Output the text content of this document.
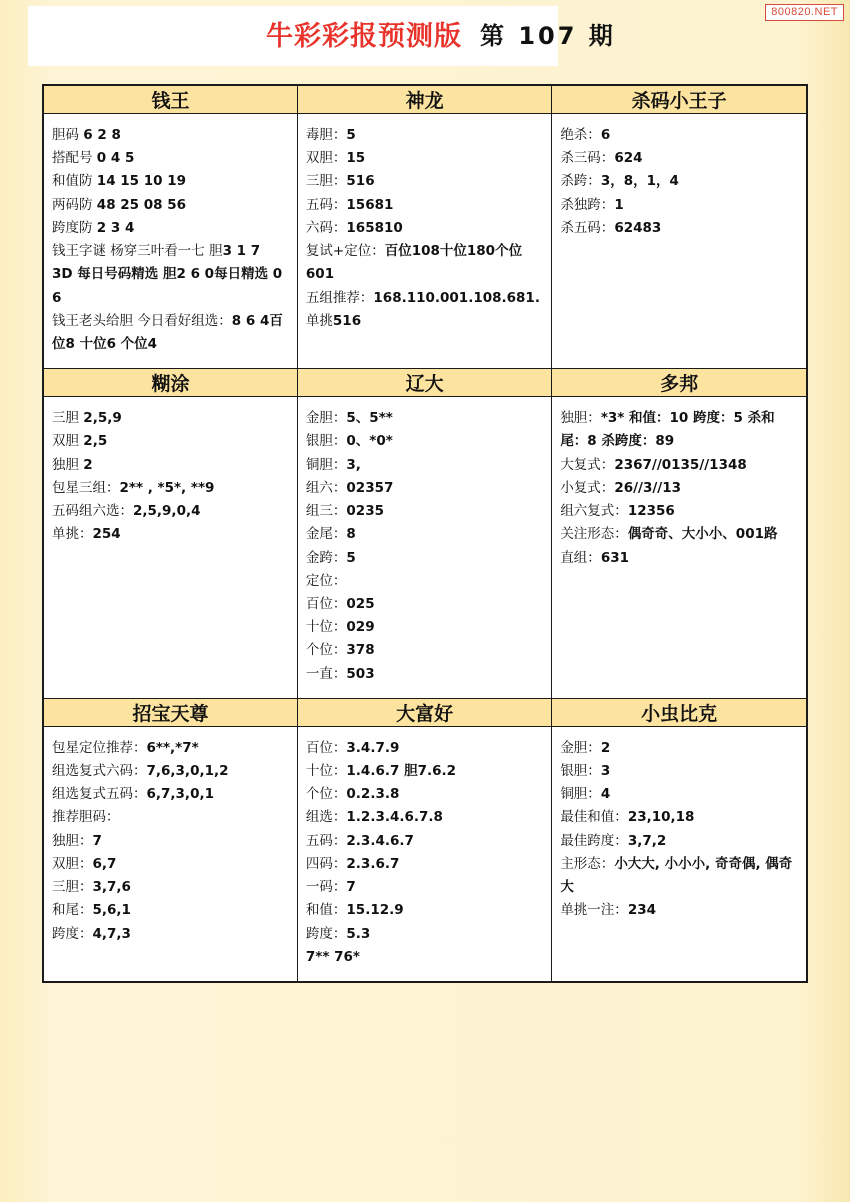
800820.NET
牛彩彩报预测版 第 107 期
钱王	神龙	杀码小王子

胆码 6 2 8
搭配号 0 4 5
和值防 14 15 10 19
两码防 48 25 08 56
跨度防 2 3 4
钱王字谜 杨穿三叶看一七 胆3 1 7
3D 每日号码精选 胆2 6 0每日精选 0 6
钱王老头给胆 今日看好组选：8 6 4百位8 十位6 个位4

毒胆：5
双胆：15
三胆：516
五码：15681
六码：165810
复试+定位：百位108十位180个位601
五组推荐：168.110.001.108.681.
单挑516

绝杀：6
杀三码：624
杀跨：3，8，1，4
杀独跨：1
杀五码：62483

糊涂	辽大	多邦

三胆 2,5,9
双胆 2,5
独胆 2
包星三组：2** , *5*, **9
五码组六选：2,5,9,0,4
单挑：254

金胆：5、5**
银胆：0、*0*
铜胆：3,
组六：02357
组三：0235
金尾：8
金跨：5
定位：
百位：025
十位：029
个位：378
一直：503

独胆：*3* 和值：10 跨度：5 杀和尾：8 杀跨度：89
大复式：2367//0135//1348
小复式：26//3//13
组六复式：12356
关注形态：偶奇奇、大小小、001路
直组：631

招宝天尊	大富好	小虫比克

包星定位推荐：6**,*7*
组选复式六码：7,6,3,0,1,2
组选复式五码：6,7,3,0,1
推荐胆码：
独胆：7
双胆：6,7
三胆：3,7,6
和尾：5,6,1
跨度：4,7,3

百位：3.4.7.9
十位：1.4.6.7 胆7.6.2
个位：0.2.3.8
组选：1.2.3.4.6.7.8
五码：2.3.4.6.7
四码：2.3.6.7
一码：7
和值：15.12.9
跨度：5.3
7** 76*

金胆：2
银胆：3
铜胆：4
最佳和值：23,10,18
最佳跨度：3,7,2
主形态：小大大, 小小小, 奇奇偶, 偶奇大
单挑一注：234
